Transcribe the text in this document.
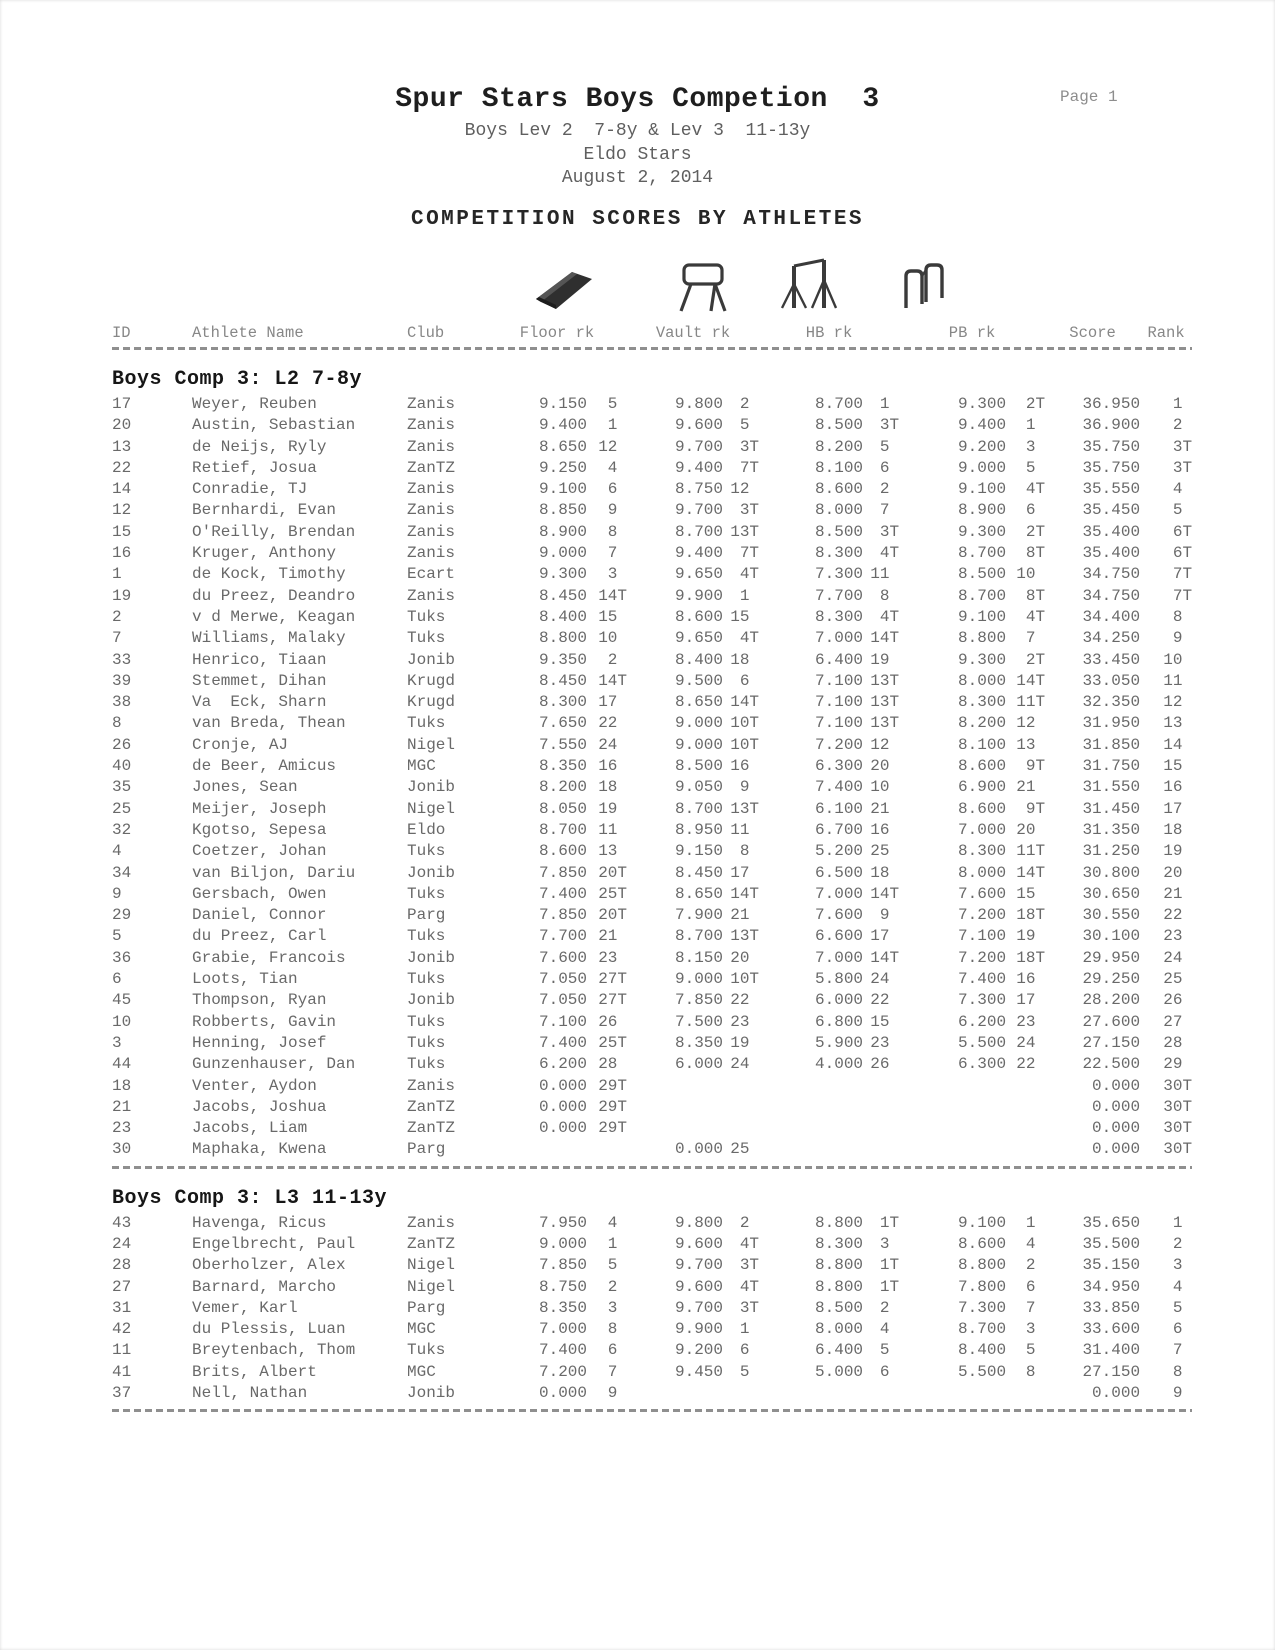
Spur Stars Boys Competion  3
Boys Lev 2  7-8y & Lev 3  11-13y
Eldo Stars
August 2, 2014
COMPETITION SCORES BY ATHLETES
Page 1
ID	Athlete Name	Club	Floor rk		Vault rk		HB rk		PB rk		Score	Rank

Boys Comp 3: L2 7-8y												
17	Weyer, Reuben	Zanis	9.150	5	9.800	2	8.700	1	9.300	2T	36.950	1
20	Austin, Sebastian	Zanis	9.400	1	9.600	5	8.500	3T	9.400	1	36.900	2
13	de Neijs, Ryly	Zanis	8.650	12	9.700	3T	8.200	5	9.200	3	35.750	3T
22	Retief, Josua	ZanTZ	9.250	4	9.400	7T	8.100	6	9.000	5	35.750	3T
14	Conradie, TJ	Zanis	9.100	6	8.750	12	8.600	2	9.100	4T	35.550	4
12	Bernhardi, Evan	Zanis	8.850	9	9.700	3T	8.000	7	8.900	6	35.450	5
15	O'Reilly, Brendan	Zanis	8.900	8	8.700	13T	8.500	3T	9.300	2T	35.400	6T
16	Kruger, Anthony	Zanis	9.000	7	9.400	7T	8.300	4T	8.700	8T	35.400	6T
1	de Kock, Timothy	Ecart	9.300	3	9.650	4T	7.300	11	8.500	10	34.750	7T
19	du Preez, Deandro	Zanis	8.450	14T	9.900	1	7.700	8	8.700	8T	34.750	7T
2	v d Merwe, Keagan	Tuks	8.400	15	8.600	15	8.300	4T	9.100	4T	34.400	8
7	Williams, Malaky	Tuks	8.800	10	9.650	4T	7.000	14T	8.800	7	34.250	9
33	Henrico, Tiaan	Jonib	9.350	2	8.400	18	6.400	19	9.300	2T	33.450	10
39	Stemmet, Dihan	Krugd	8.450	14T	9.500	6	7.100	13T	8.000	14T	33.050	11
38	Va  Eck, Sharn	Krugd	8.300	17	8.650	14T	7.100	13T	8.300	11T	32.350	12
8	van Breda, Thean	Tuks	7.650	22	9.000	10T	7.100	13T	8.200	12	31.950	13
26	Cronje, AJ	Nigel	7.550	24	9.000	10T	7.200	12	8.100	13	31.850	14
40	de Beer, Amicus	MGC	8.350	16	8.500	16	6.300	20	8.600	9T	31.750	15
35	Jones, Sean	Jonib	8.200	18	9.050	9	7.400	10	6.900	21	31.550	16
25	Meijer, Joseph	Nigel	8.050	19	8.700	13T	6.100	21	8.600	9T	31.450	17
32	Kgotso, Sepesa	Eldo	8.700	11	8.950	11	6.700	16	7.000	20	31.350	18
4	Coetzer, Johan	Tuks	8.600	13	9.150	8	5.200	25	8.300	11T	31.250	19
34	van Biljon, Dariu	Jonib	7.850	20T	8.450	17	6.500	18	8.000	14T	30.800	20
9	Gersbach, Owen	Tuks	7.400	25T	8.650	14T	7.000	14T	7.600	15	30.650	21
29	Daniel, Connor	Parg	7.850	20T	7.900	21	7.600	9	7.200	18T	30.550	22
5	du Preez, Carl	Tuks	7.700	21	8.700	13T	6.600	17	7.100	19	30.100	23
36	Grabie, Francois	Jonib	7.600	23	8.150	20	7.000	14T	7.200	18T	29.950	24
6	Loots, Tian	Tuks	7.050	27T	9.000	10T	5.800	24	7.400	16	29.250	25
45	Thompson, Ryan	Jonib	7.050	27T	7.850	22	6.000	22	7.300	17	28.200	26
10	Robberts, Gavin	Tuks	7.100	26	7.500	23	6.800	15	6.200	23	27.600	27
3	Henning, Josef	Tuks	7.400	25T	8.350	19	5.900	23	5.500	24	27.150	28
44	Gunzenhauser, Dan	Tuks	6.200	28	6.000	24	4.000	26	6.300	22	22.500	29
18	Venter, Aydon	Zanis	0.000	29T							0.000	30T
21	Jacobs, Joshua	ZanTZ	0.000	29T							0.000	30T
23	Jacobs, Liam	ZanTZ	0.000	29T							0.000	30T
30	Maphaka, Kwena	Parg			0.000	25					0.000	30T

Boys Comp 3: L3 11-13y												
43	Havenga, Ricus	Zanis	7.950	4	9.800	2	8.800	1T	9.100	1	35.650	1
24	Engelbrecht, Paul	ZanTZ	9.000	1	9.600	4T	8.300	3	8.600	4	35.500	2
28	Oberholzer, Alex	Nigel	7.850	5	9.700	3T	8.800	1T	8.800	2	35.150	3
27	Barnard, Marcho	Nigel	8.750	2	9.600	4T	8.800	1T	7.800	6	34.950	4
31	Vemer, Karl	Parg	8.350	3	9.700	3T	8.500	2	7.300	7	33.850	5
42	du Plessis, Luan	MGC	7.000	8	9.900	1	8.000	4	8.700	3	33.600	6
11	Breytenbach, Thom	Tuks	7.400	6	9.200	6	6.400	5	8.400	5	31.400	7
41	Brits, Albert	MGC	7.200	7	9.450	5	5.000	6	5.500	8	27.150	8
37	Nell, Nathan	Jonib	0.000	9							0.000	9
